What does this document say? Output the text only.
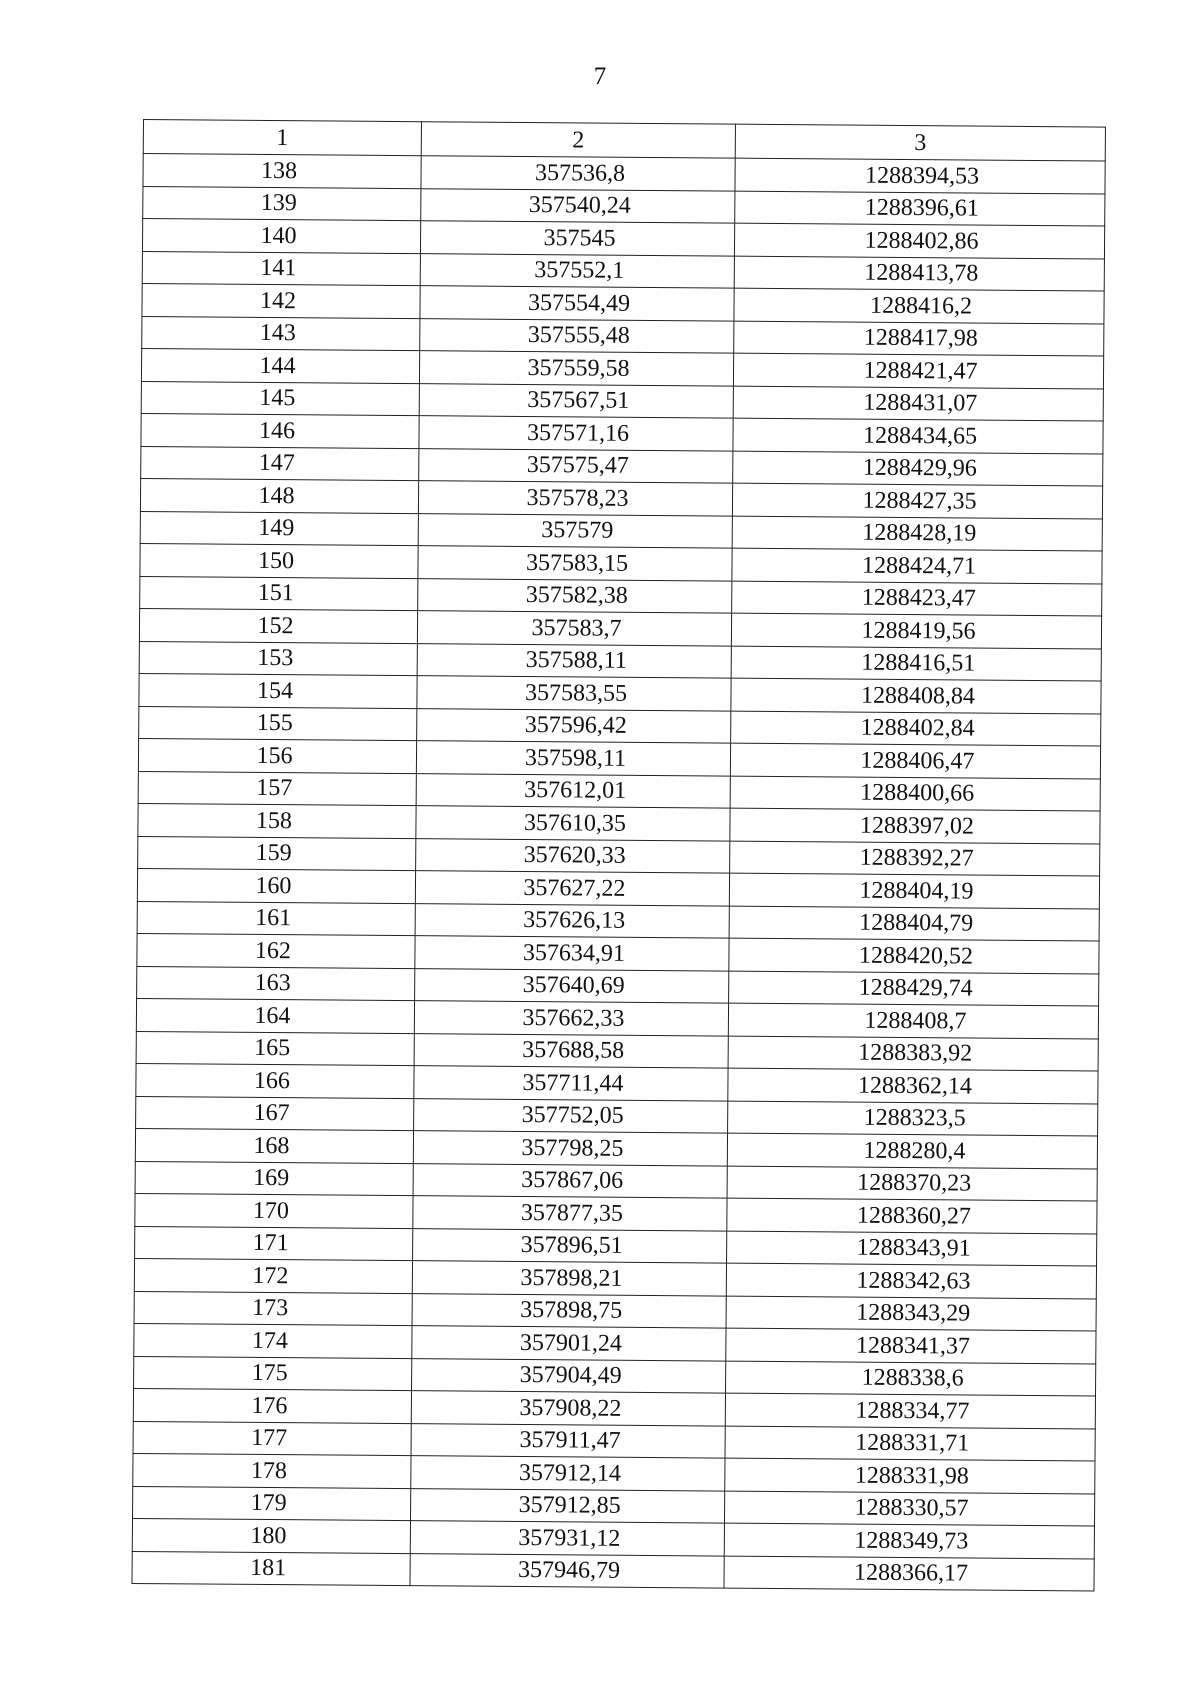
7
1	2	3
138	357536,8	1288394,53
139	357540,24	1288396,61
140	357545	1288402,86
141	357552,1	1288413,78
142	357554,49	1288416,2
143	357555,48	1288417,98
144	357559,58	1288421,47
145	357567,51	1288431,07
146	357571,16	1288434,65
147	357575,47	1288429,96
148	357578,23	1288427,35
149	357579	1288428,19
150	357583,15	1288424,71
151	357582,38	1288423,47
152	357583,7	1288419,56
153	357588,11	1288416,51
154	357583,55	1288408,84
155	357596,42	1288402,84
156	357598,11	1288406,47
157	357612,01	1288400,66
158	357610,35	1288397,02
159	357620,33	1288392,27
160	357627,22	1288404,19
161	357626,13	1288404,79
162	357634,91	1288420,52
163	357640,69	1288429,74
164	357662,33	1288408,7
165	357688,58	1288383,92
166	357711,44	1288362,14
167	357752,05	1288323,5
168	357798,25	1288280,4
169	357867,06	1288370,23
170	357877,35	1288360,27
171	357896,51	1288343,91
172	357898,21	1288342,63
173	357898,75	1288343,29
174	357901,24	1288341,37
175	357904,49	1288338,6
176	357908,22	1288334,77
177	357911,47	1288331,71
178	357912,14	1288331,98
179	357912,85	1288330,57
180	357931,12	1288349,73
181	357946,79	1288366,17
